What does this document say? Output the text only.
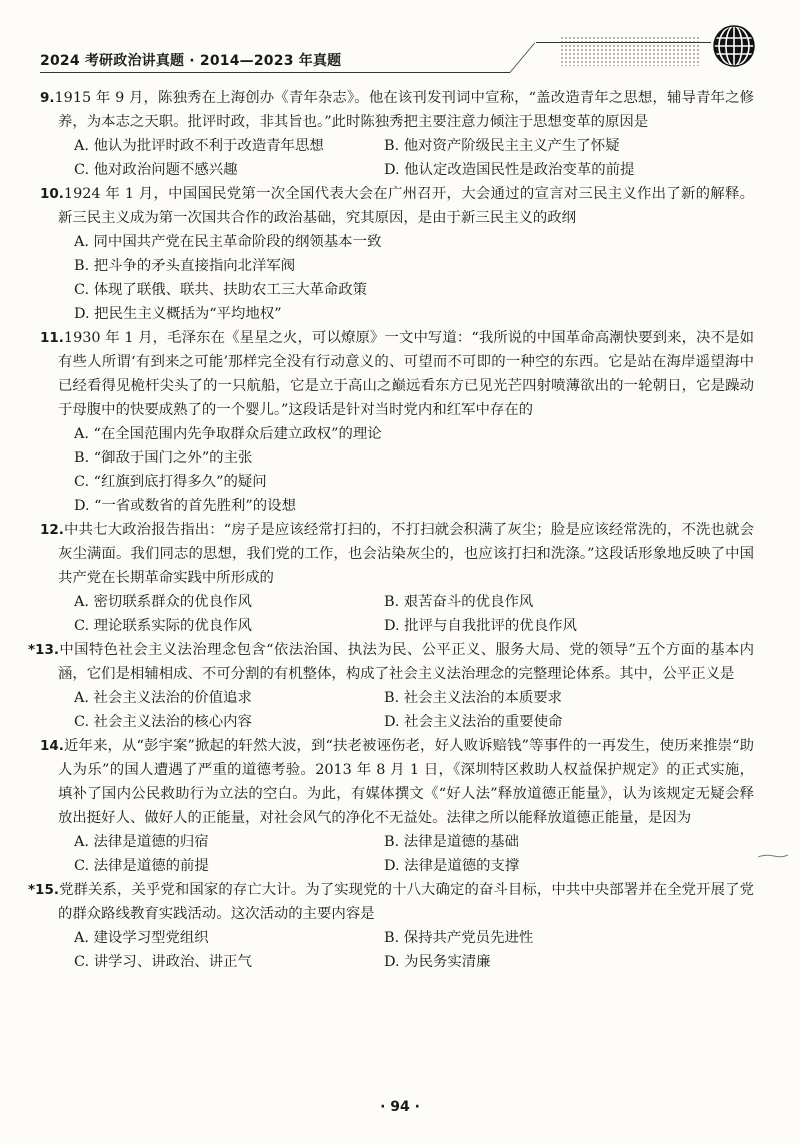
2024 考研政治讲真题 · 2014—2023 年真题
9.1915 年 9 月，陈独秀在上海创办《青年杂志》。他在该刊发刊词中宣称，“盖改造青年之思想，辅导青年之修养，为本志之天职。批评时政，非其旨也。”此时陈独秀把主要注意力倾注于思想变革的原因是
A. 他认为批评时政不利于改造青年思想	B. 他对资产阶级民主主义产生了怀疑
C. 他对政治问题不感兴趣	D. 他认定改造国民性是政治变革的前提
10.1924 年 1 月，中国国民党第一次全国代表大会在广州召开，大会通过的宣言对三民主义作出了新的解释。新三民主义成为第一次国共合作的政治基础，究其原因，是由于新三民主义的政纲
A. 同中国共产党在民主革命阶段的纲领基本一致
B. 把斗争的矛头直接指向北洋军阀
C. 体现了联俄、联共、扶助农工三大革命政策
D. 把民生主义概括为“平均地权”
11.1930 年 1 月，毛泽东在《星星之火，可以燎原》一文中写道：“我所说的中国革命高潮快要到来，决不是如有些人所谓‘有到来之可能’那样完全没有行动意义的、可望而不可即的一种空的东西。它是站在海岸遥望海中已经看得见桅杆尖头了的一只航船，它是立于高山之巅远看东方已见光芒四射喷薄欲出的一轮朝日，它是躁动于母腹中的快要成熟了的一个婴儿。”这段话是针对当时党内和红军中存在的
A. “在全国范围内先争取群众后建立政权”的理论
B. “御敌于国门之外”的主张
C. “红旗到底打得多久”的疑问
D. “一省或数省的首先胜利”的设想
12.中共七大政治报告指出：“房子是应该经常打扫的，不打扫就会积满了灰尘；脸是应该经常洗的，不洗也就会灰尘满面。我们同志的思想，我们党的工作，也会沾染灰尘的，也应该打扫和洗涤。”这段话形象地反映了中国共产党在长期革命实践中所形成的
A. 密切联系群众的优良作风	B. 艰苦奋斗的优良作风
C. 理论联系实际的优良作风	D. 批评与自我批评的优良作风
*13.中国特色社会主义法治理念包含“依法治国、执法为民、公平正义、服务大局、党的领导”五个方面的基本内涵，它们是相辅相成、不可分割的有机整体，构成了社会主义法治理念的完整理论体系。其中，公平正义是
A. 社会主义法治的价值追求	B. 社会主义法治的本质要求
C. 社会主义法治的核心内容	D. 社会主义法治的重要使命
14.近年来，从“彭宇案”掀起的轩然大波，到“扶老被诬伤老，好人败诉赔钱”等事件的一再发生，使历来推崇“助人为乐”的国人遭遇了严重的道德考验。2013 年 8 月 1 日，《深圳特区救助人权益保护规定》的正式实施，填补了国内公民救助行为立法的空白。为此，有媒体撰文《“好人法”释放道德正能量》，认为该规定无疑会释放出挺好人、做好人的正能量，对社会风气的净化不无益处。法律之所以能释放道德正能量，是因为
A. 法律是道德的归宿	B. 法律是道德的基础
C. 法律是道德的前提	D. 法律是道德的支撑
*15.党群关系，关乎党和国家的存亡大计。为了实现党的十八大确定的奋斗目标，中共中央部署并在全党开展了党的群众路线教育实践活动。这次活动的主要内容是
A. 建设学习型党组织	B. 保持共产党员先进性
C. 讲学习、讲政治、讲正气	D. 为民务实清廉
· 94 ·
